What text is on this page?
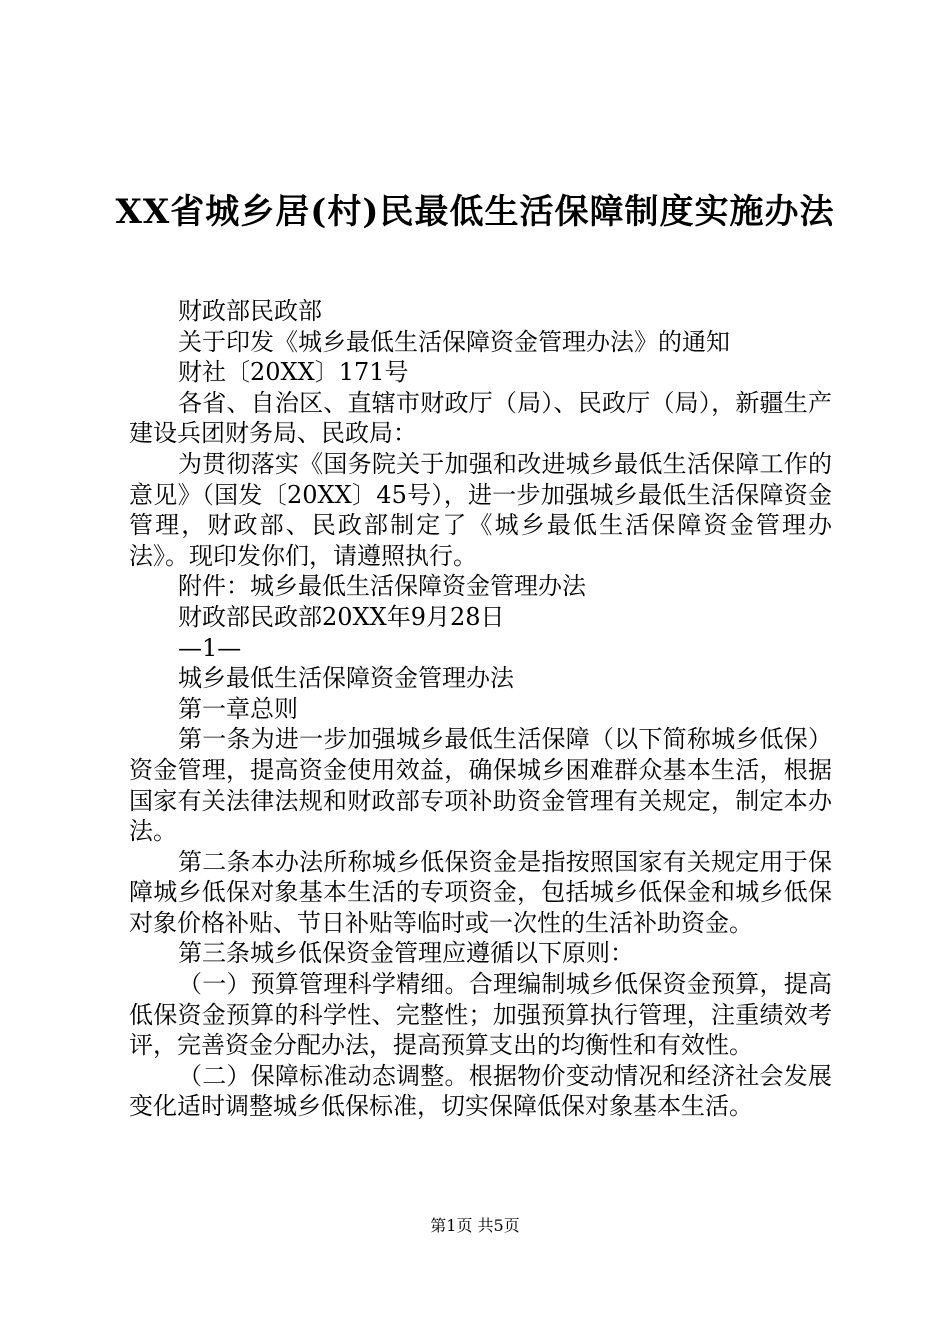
XX省城乡居(村)民最低生活保障制度实施办法

财政部民政部

关于印发《城乡最低生活保障资金管理办法》的通知

财社〔20XX〕171号

各省、自治区、直辖市财政厅（局）、民政厅（局），新疆生产建设兵团财务局、民政局：

为贯彻落实《国务院关于加强和改进城乡最低生活保障工作的意见》（国发〔20XX〕45号），进一步加强城乡最低生活保障资金管理，财政部、民政部制定了《城乡最低生活保障资金管理办法》。现印发你们，请遵照执行。

附件：城乡最低生活保障资金管理办法

财政部民政部20XX年9月28日

—1—

城乡最低生活保障资金管理办法

第一章总则

第一条为进一步加强城乡最低生活保障（以下简称城乡低保）资金管理，提高资金使用效益，确保城乡困难群众基本生活，根据国家有关法律法规和财政部专项补助资金管理有关规定，制定本办法。

第二条本办法所称城乡低保资金是指按照国家有关规定用于保障城乡低保对象基本生活的专项资金，包括城乡低保金和城乡低保对象价格补贴、节日补贴等临时或一次性的生活补助资金。

第三条城乡低保资金管理应遵循以下原则：

（一）预算管理科学精细。合理编制城乡低保资金预算，提高低保资金预算的科学性、完整性；加强预算执行管理，注重绩效考评，完善资金分配办法，提高预算支出的均衡性和有效性。

（二）保障标准动态调整。根据物价变动情况和经济社会发展变化适时调整城乡低保标准，切实保障低保对象基本生活。

第1页 共5页
